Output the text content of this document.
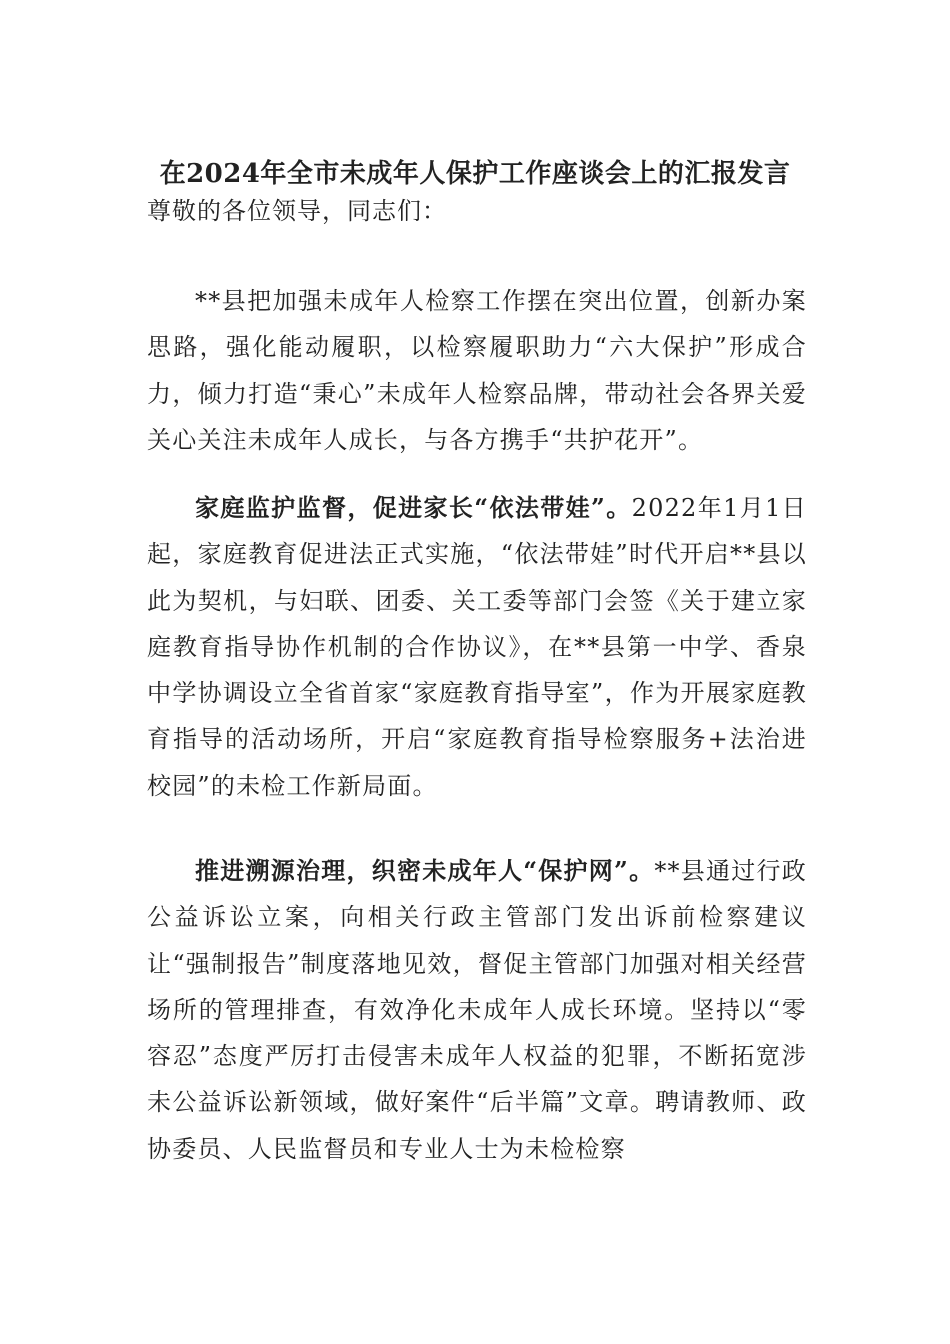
在2024年全市未成年人保护工作座谈会上的汇报发言
尊敬的各位领导，同志们：

**县把加强未成年人检察工作摆在突出位置，创新办案思路，强化能动履职，以检察履职助力“六大保护”形成合力，倾力打造“秉心”未成年人检察品牌，带动社会各界关爱关心关注未成年人成长，与各方携手“共护花开”。

家庭监护监督，促进家长“依法带娃”。2022年1月1日起，家庭教育促进法正式实施，“依法带娃”时代开启**县以此为契机，与妇联、团委、关工委等部门会签《关于建立家庭教育指导协作机制的合作协议》，在**县第一中学、香泉中学协调设立全省首家“家庭教育指导室”，作为开展家庭教育指导的活动场所，开启“家庭教育指导检察服务+法治进校园”的未检工作新局面。

推进溯源治理，织密未成年人“保护网”。**县通过行政公益诉讼立案，向相关行政主管部门发出诉前检察建议让“强制报告”制度落地见效，督促主管部门加强对相关经营场所的管理排查，有效净化未成年人成长环境。坚持以“零容忍”态度严厉打击侵害未成年人权益的犯罪，不断拓宽涉未公益诉讼新领域，做好案件“后半篇”文章。聘请教师、政协委员、人民监督员和专业人士为未检检察
